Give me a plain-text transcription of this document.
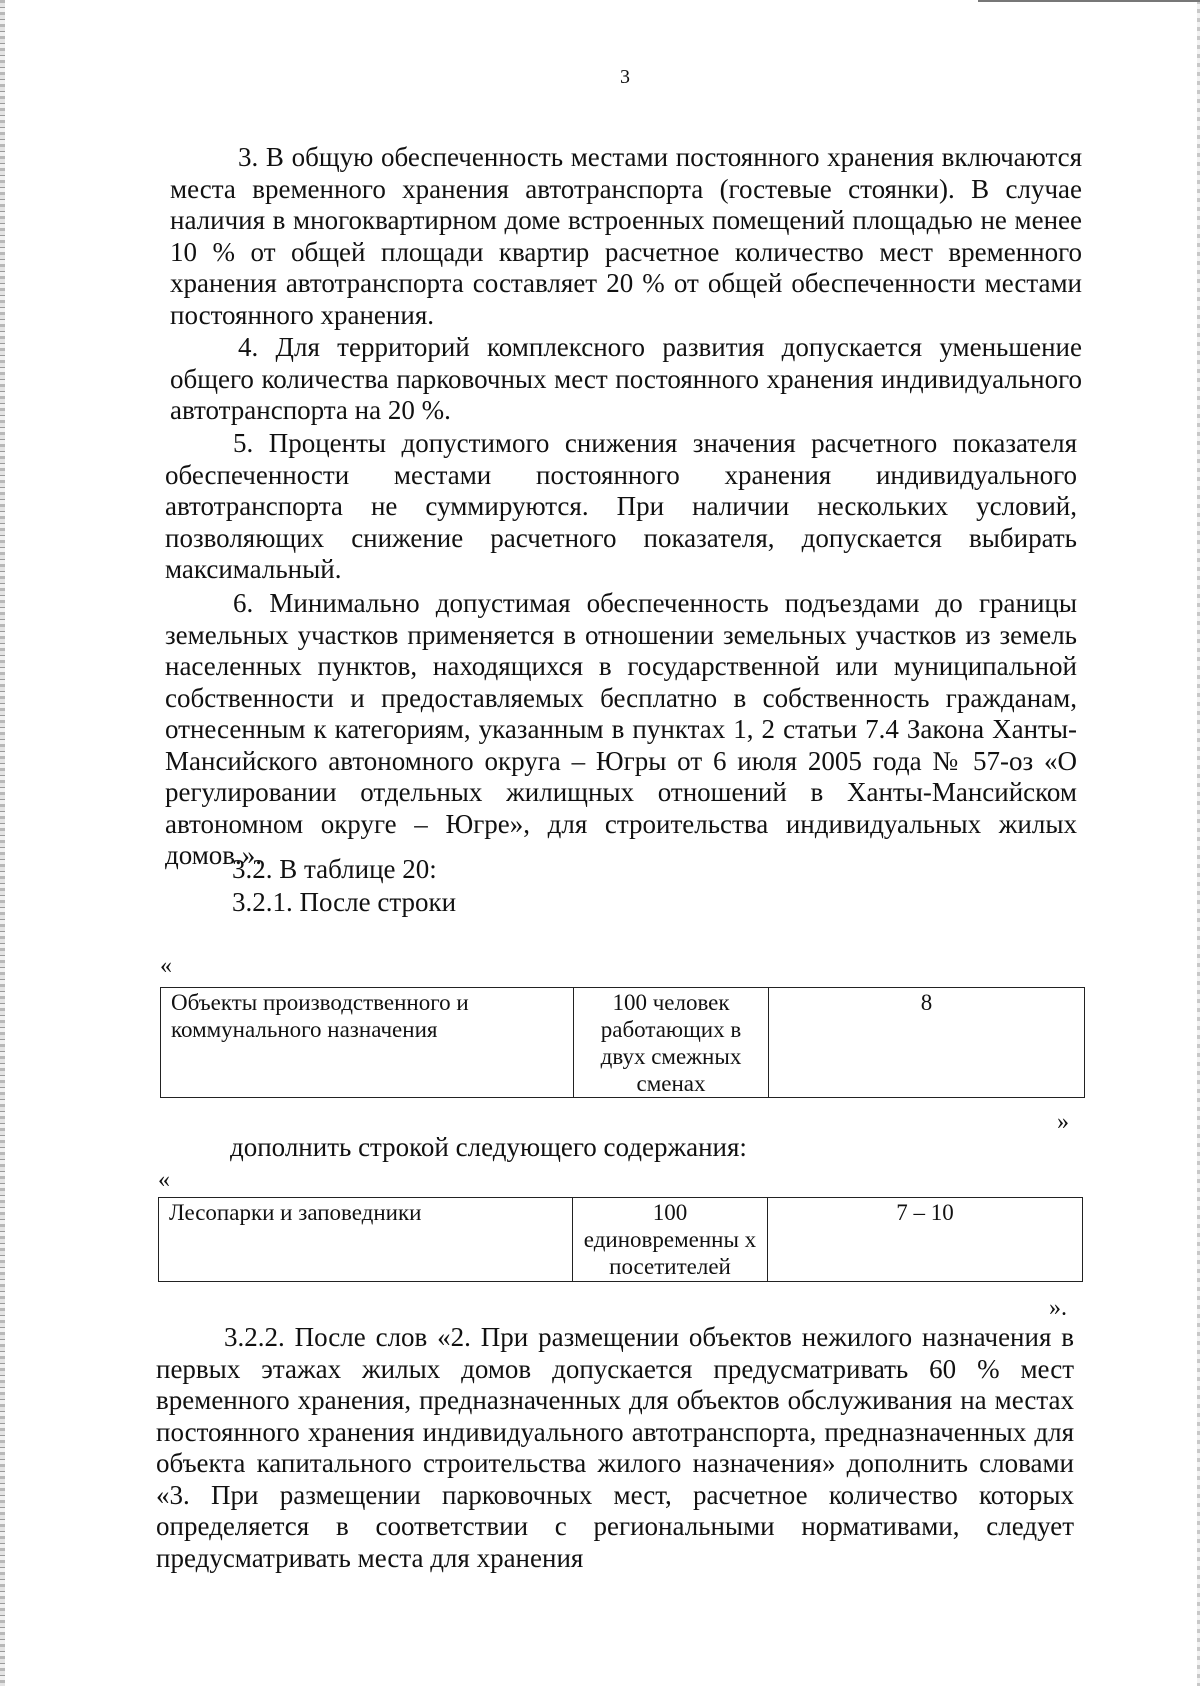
3

3. В общую обеспеченность местами постоянного хранения включаются места временного хранения автотранспорта (гостевые стоянки). В случае наличия в многоквартирном доме встроенных помещений площадью не менее 10 % от общей площади квартир расчетное количество мест временного хранения автотранспорта составляет 20 % от общей обеспеченности местами постоянного хранения.

4. Для территорий комплексного развития допускается уменьшение общего количества парковочных мест постоянного хранения индивидуального автотранспорта на 20 %.

5. Проценты допустимого снижения значения расчетного показателя обеспеченности местами постоянного хранения индивидуального автотранспорта не суммируются. При наличии нескольких условий, позволяющих снижение расчетного показателя, допускается выбирать максимальный.

6. Минимально допустимая обеспеченность подъездами до границы земельных участков применяется в отношении земельных участков из земель населенных пунктов, находящихся в государственной или муниципальной собственности и предоставляемых бесплатно в собственность гражданам, отнесенным к категориям, указанным в пунктах 1, 2 статьи 7.4 Закона Ханты-Мансийского автономного округа – Югры от 6 июля 2005 года № 57-оз «О регулировании отдельных жилищных отношений в Ханты-Мансийском автономном округе – Югре», для строительства индивидуальных жилых домов.».

3.2. В таблице 20:

3.2.1. После строки

«
Объекты производственного и коммунального назначения	100 человек работающих в двух смежных сменах	8
»

дополнить строкой следующего содержания:

«
Лесопарки и заповедники	100 единовременны х посетителей	7 – 10
».

3.2.2. После слов «2. При размещении объектов нежилого назначения в первых этажах жилых домов допускается предусматривать 60 % мест временного хранения, предназначенных для объектов обслуживания на местах постоянного хранения индивидуального автотранспорта, предназначенных для объекта капитального строительства жилого назначения» дополнить словами «3. При размещении парковочных мест, расчетное количество которых определяется в соответствии с региональными нормативами, следует предусматривать места для хранения
